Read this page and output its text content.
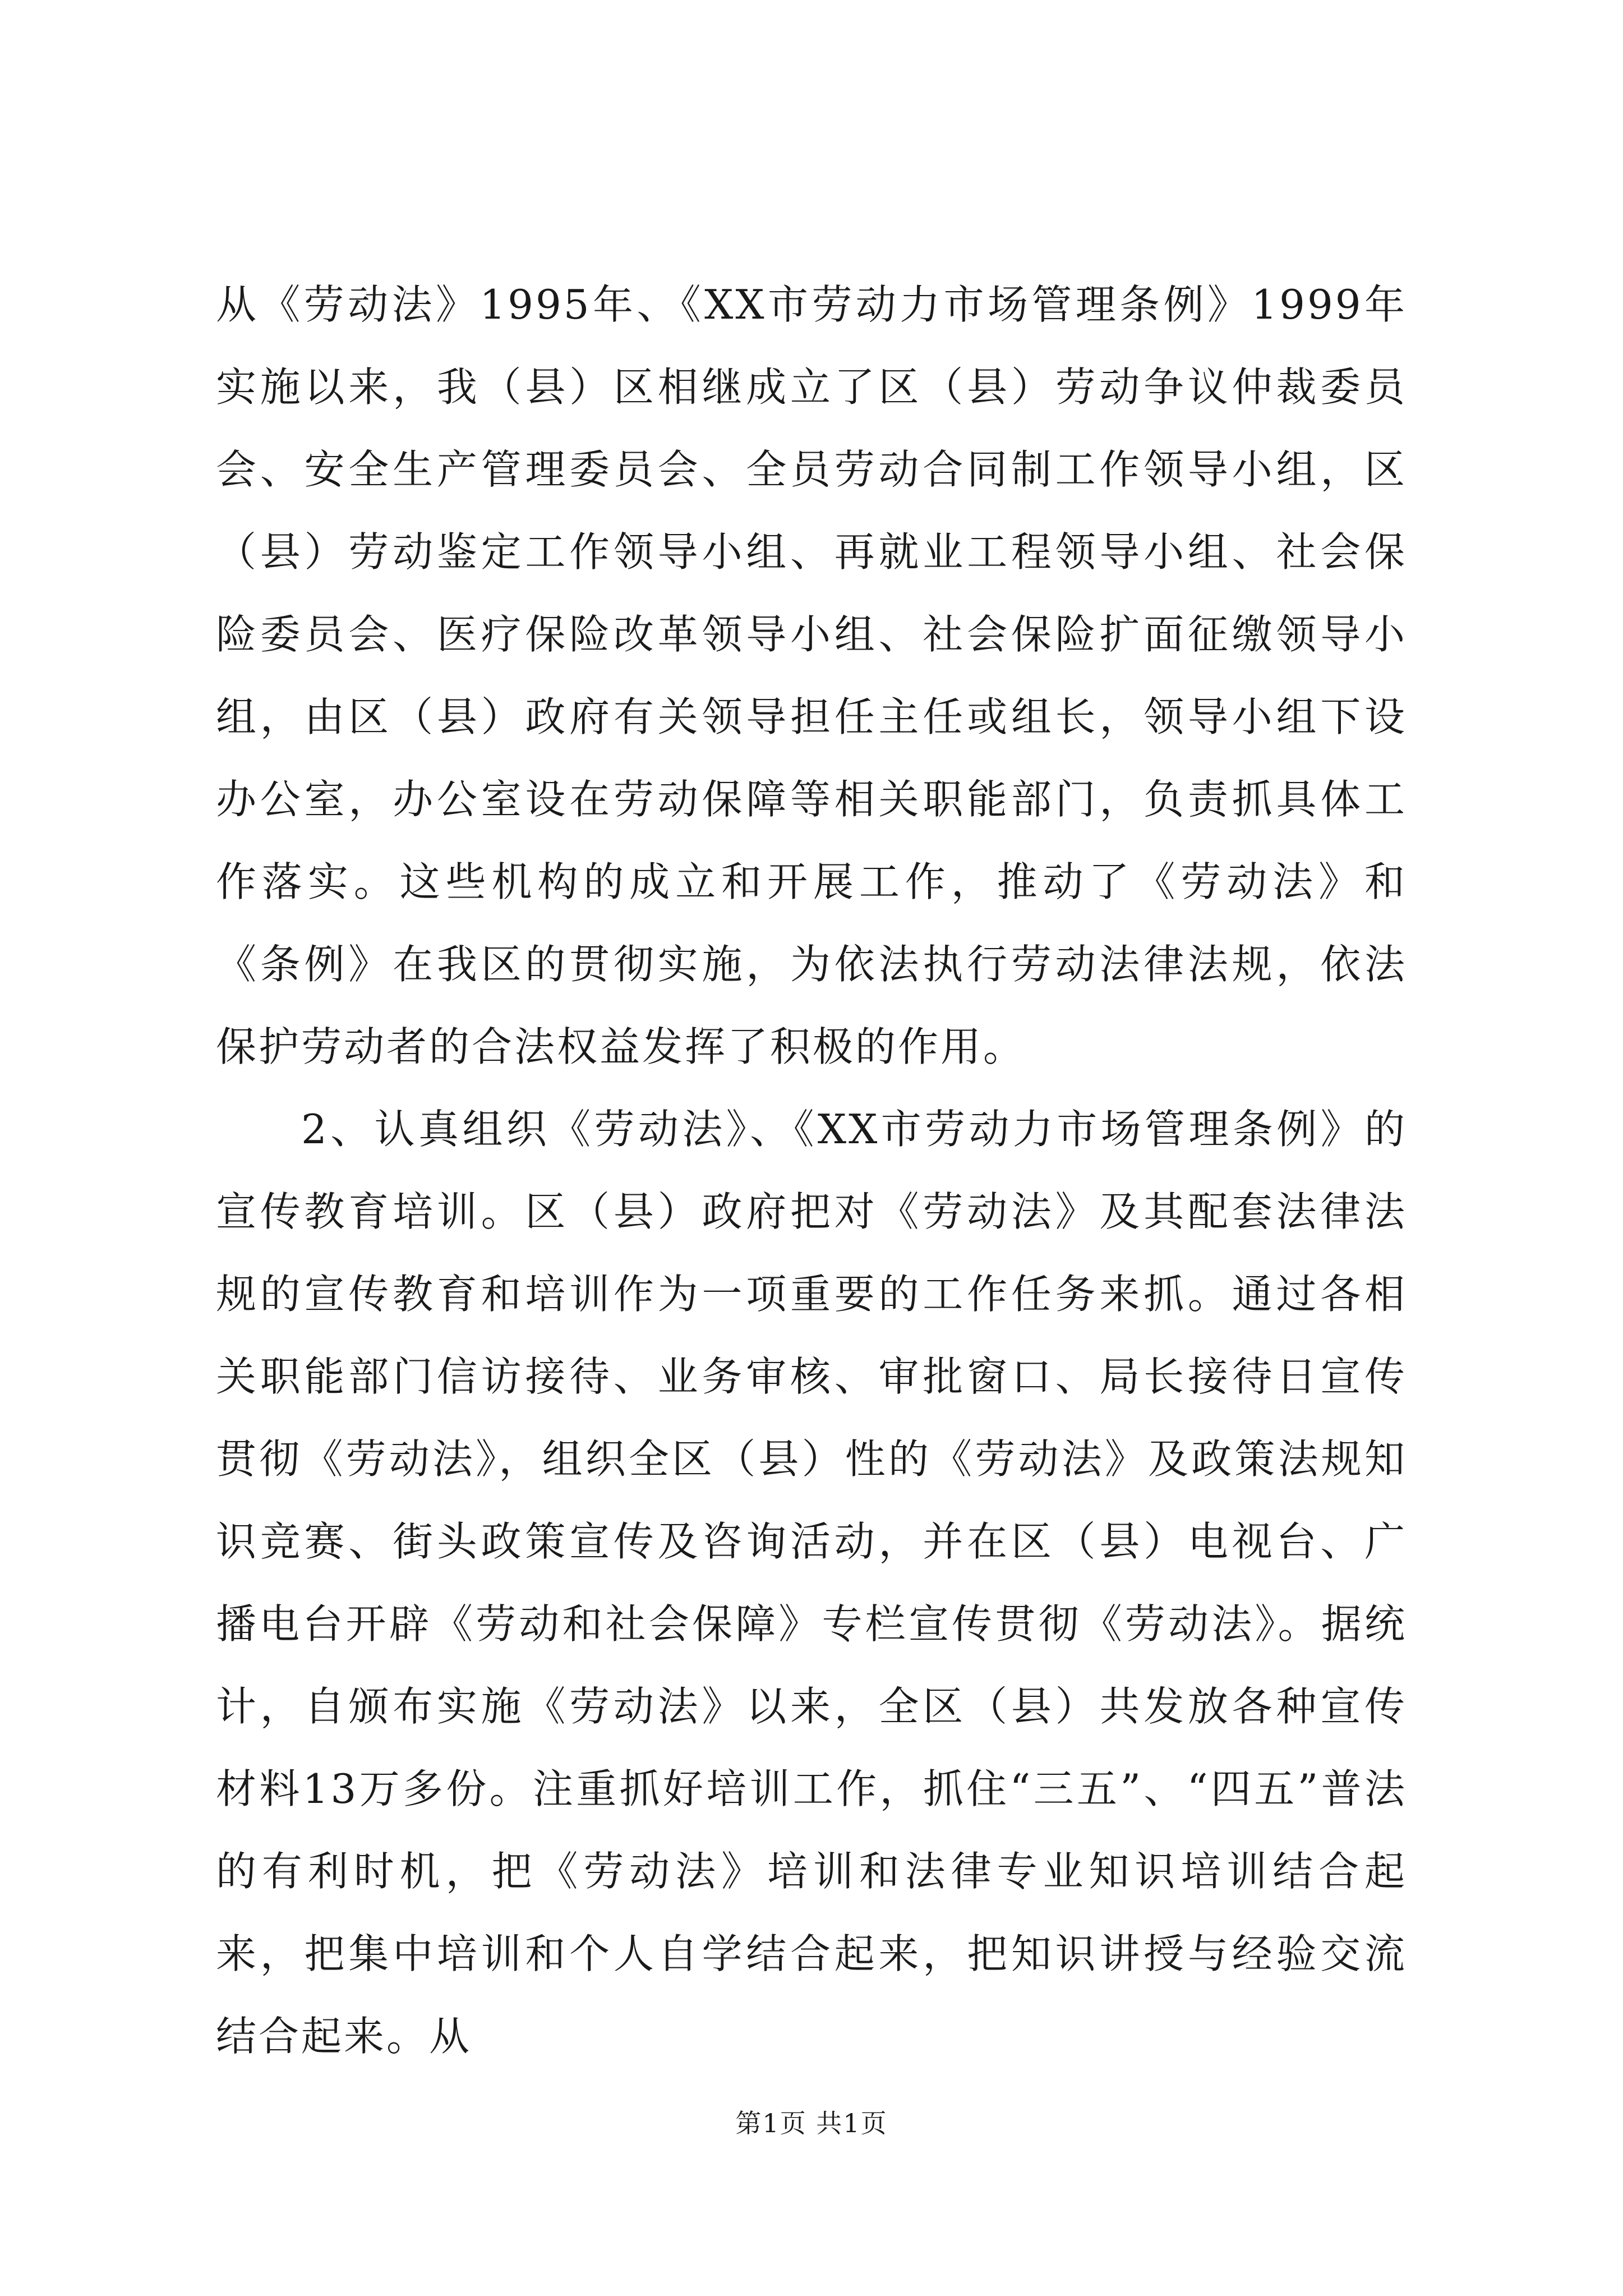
从《劳动法》1995年、《XX市劳动力市场管理条例》1999年实施以来，我（县）区相继成立了区（县）劳动争议仲裁委员会、安全生产管理委员会、全员劳动合同制工作领导小组，区（县）劳动鉴定工作领导小组、再就业工程领导小组、社会保险委员会、医疗保险改革领导小组、社会保险扩面征缴领导小组，由区（县）政府有关领导担任主任或组长，领导小组下设办公室，办公室设在劳动保障等相关职能部门，负责抓具体工作落实。这些机构的成立和开展工作，推动了《劳动法》和《条例》在我区的贯彻实施，为依法执行劳动法律法规，依法保护劳动者的合法权益发挥了积极的作用。

2、认真组织《劳动法》、《XX市劳动力市场管理条例》的宣传教育培训。区（县）政府把对《劳动法》及其配套法律法规的宣传教育和培训作为一项重要的工作任务来抓。通过各相关职能部门信访接待、业务审核、审批窗口、局长接待日宣传贯彻《劳动法》，组织全区（县）性的《劳动法》及政策法规知识竞赛、街头政策宣传及咨询活动，并在区（县）电视台、广播电台开辟《劳动和社会保障》专栏宣传贯彻《劳动法》。据统计，自颁布实施《劳动法》以来，全区（县）共发放各种宣传材料13万多份。注重抓好培训工作，抓住“三五”、“四五”普法的有利时机，把《劳动法》培训和法律专业知识培训结合起来，把集中培训和个人自学结合起来，把知识讲授与经验交流结合起来。从

第1页 共1页
